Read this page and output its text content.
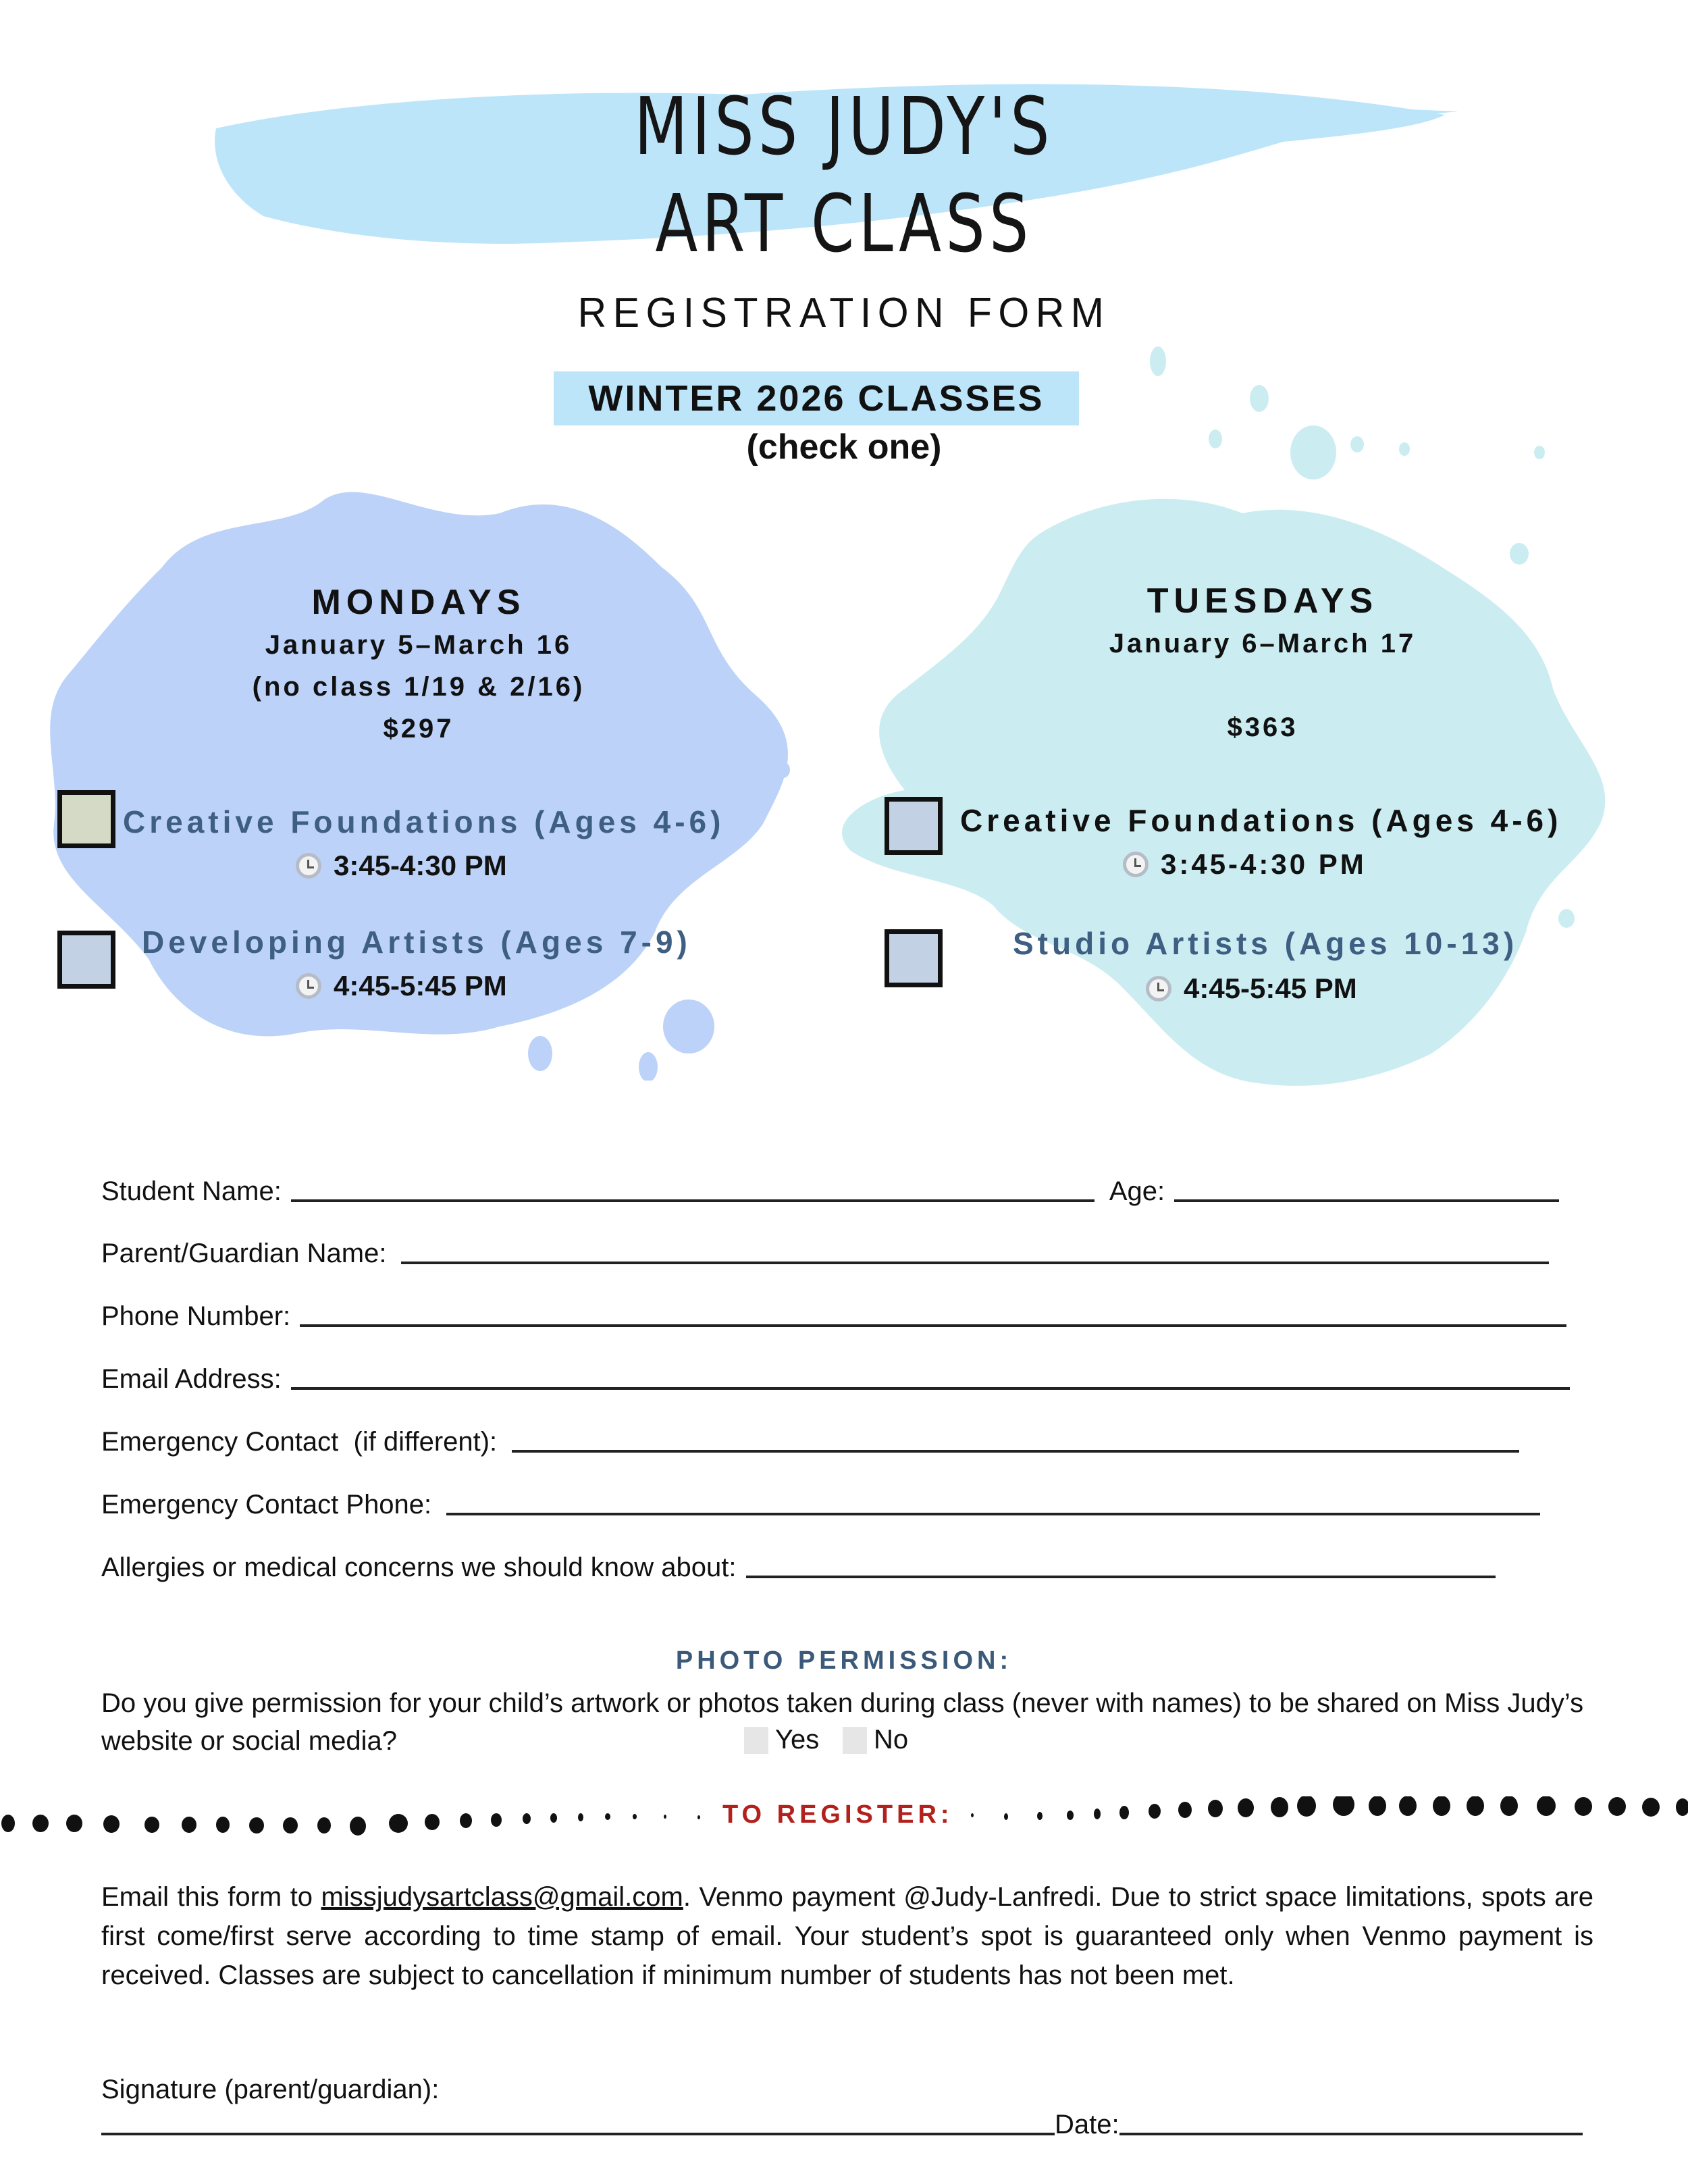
MISS JUDY'S
ART CLASS
REGISTRATION FORM
WINTER 2026 CLASSES
(check one)
MONDAYS
January 5–March 16
(no class 1/19 & 2/16)
$297
Creative Foundations (Ages 4-6)
3:45-4:30 PM
Developing Artists (Ages 7-9)
4:45-5:45 PM
TUESDAYS
January 6–March 17

$363
Creative Foundations (Ages 4-6)
3:45-4:30 PM
Studio Artists (Ages 10-13)
4:45-5:45 PM
Student Name:	Age:
Parent/Guardian Name:
Phone Number:
Email Address:
Emergency Contact  (if different):
Emergency Contact Phone:
Allergies or medical concerns we should know about:
PHOTO PERMISSION:
Do you give permission for your child’s artwork or photos taken during class (never with names) to be shared on Miss Judy’s website or social media?	Yes No
TO REGISTER:
Email this form to missjudysartclass@gmail.com. Venmo payment @Judy-Lanfredi. Due to strict space limitations, spots are first come/first serve according to time stamp of email. Your student’s spot is guaranteed only when Venmo payment is received. Classes are subject to cancellation if minimum number of students has not been met.
Signature (parent/guardian):
Date:
